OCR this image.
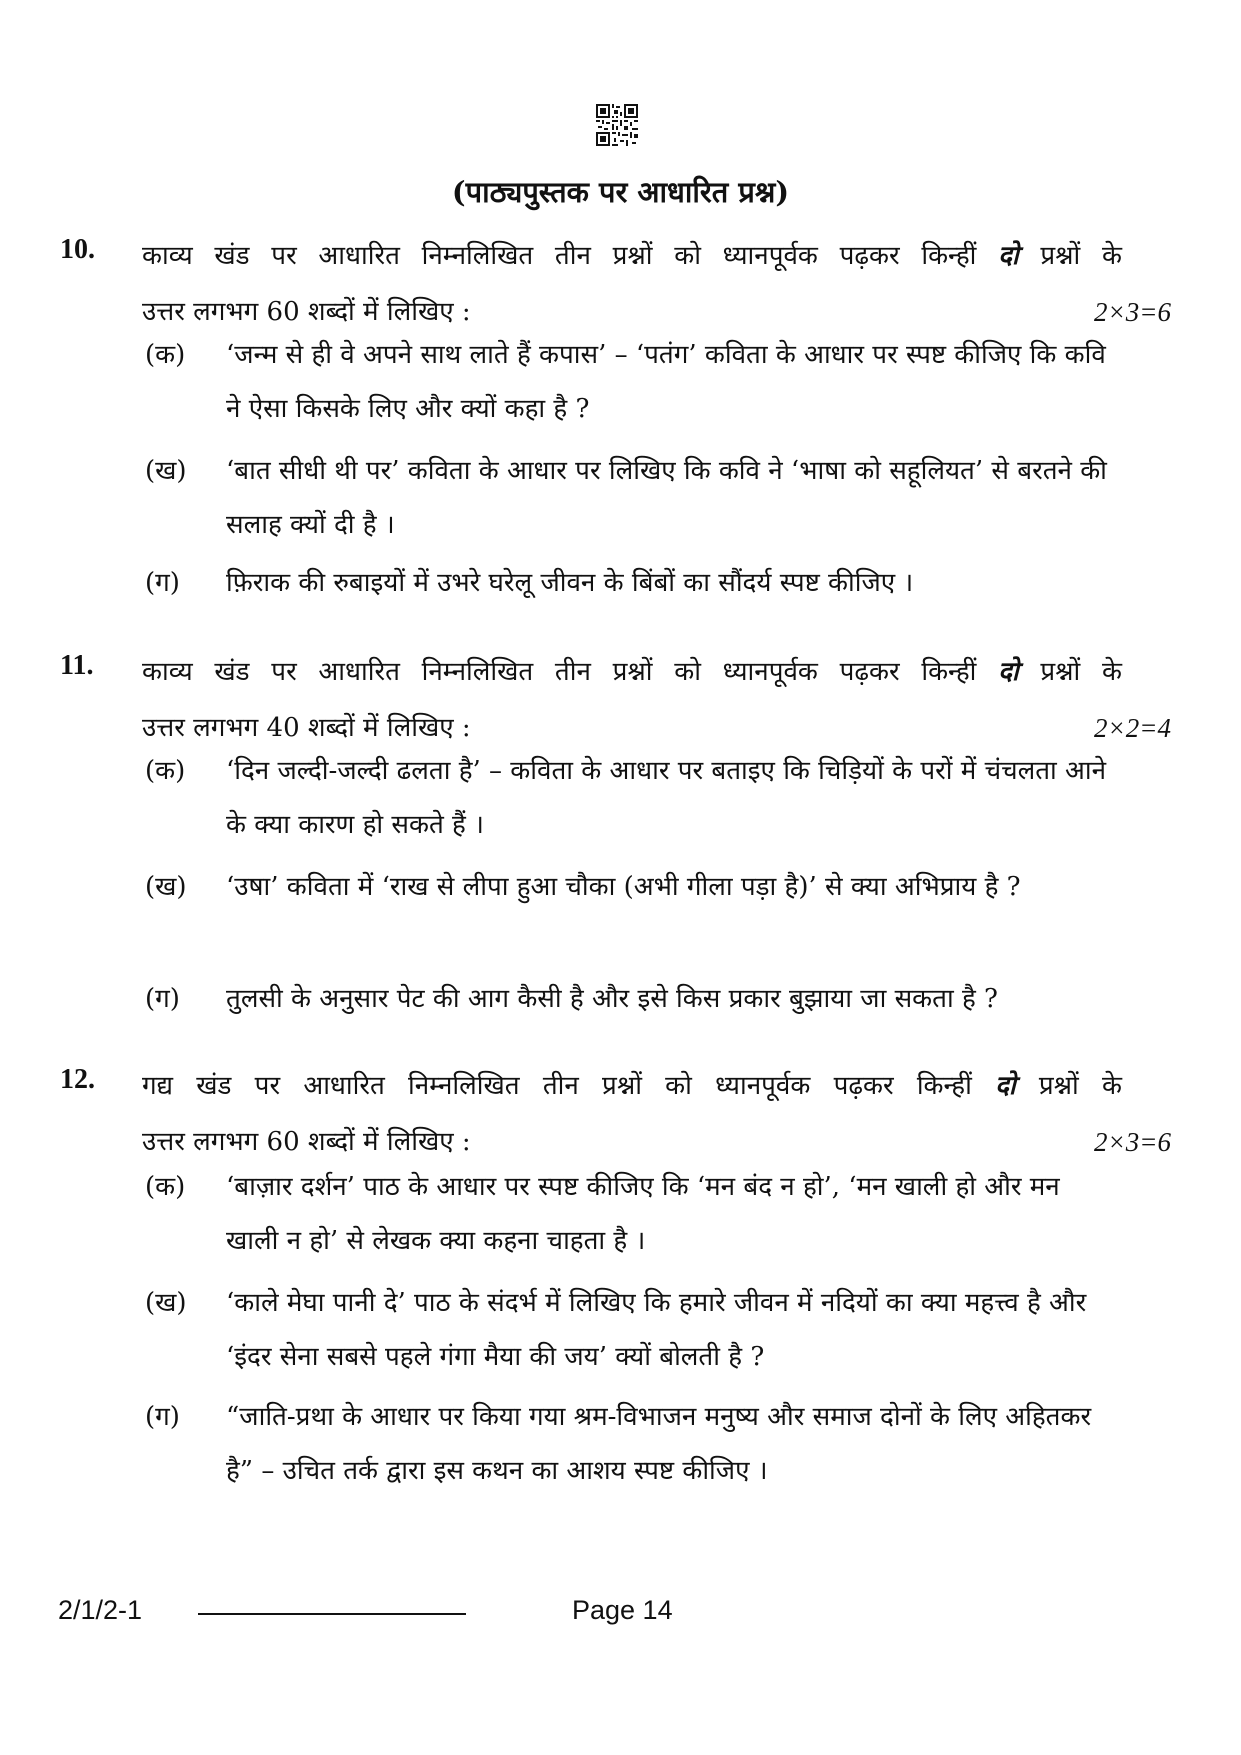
(पाठ्यपुस्तक पर आधारित प्रश्न)
10. काव्य खंड पर आधारित निम्नलिखित तीन प्रश्नों को ध्यानपूर्वक पढ़कर किन्हीं दो प्रश्नों के
उत्तर लगभग 60 शब्दों में लिखिए :	2×3=6
(क) ‘जन्म से ही वे अपने साथ लाते हैं कपास’ – ‘पतंग’ कविता के आधार पर स्पष्ट कीजिए कि कवि ने ऐसा किसके लिए और क्यों कहा है ?
(ख) ‘बात सीधी थी पर’ कविता के आधार पर लिखिए कि कवि ने ‘भाषा को सहूलियत’ से बरतने की सलाह क्यों दी है ।
(ग) फ़िराक की रुबाइयों में उभरे घरेलू जीवन के बिंबों का सौंदर्य स्पष्ट कीजिए ।
11. काव्य खंड पर आधारित निम्नलिखित तीन प्रश्नों को ध्यानपूर्वक पढ़कर किन्हीं दो प्रश्नों के
उत्तर लगभग 40 शब्दों में लिखिए :	2×2=4
(क) ‘दिन जल्दी-जल्दी ढलता है’ – कविता के आधार पर बताइए कि चिड़ियों के परों में चंचलता आने के क्या कारण हो सकते हैं ।
(ख) ‘उषा’ कविता में ‘राख से लीपा हुआ चौका (अभी गीला पड़ा है)’ से क्या अभिप्राय है ?
(ग) तुलसी के अनुसार पेट की आग कैसी है और इसे किस प्रकार बुझाया जा सकता है ?
12. गद्य खंड पर आधारित निम्नलिखित तीन प्रश्नों को ध्यानपूर्वक पढ़कर किन्हीं दो प्रश्नों के
उत्तर लगभग 60 शब्दों में लिखिए :	2×3=6
(क) ‘बाज़ार दर्शन’ पाठ के आधार पर स्पष्ट कीजिए कि ‘मन बंद न हो’, ‘मन खाली हो और मन खाली न हो’ से लेखक क्या कहना चाहता है ।
(ख) ‘काले मेघा पानी दे’ पाठ के संदर्भ में लिखिए कि हमारे जीवन में नदियों का क्या महत्त्व है और ‘इंदर सेना सबसे पहले गंगा मैया की जय’ क्यों बोलती है ?
(ग) “जाति-प्रथा के आधार पर किया गया श्रम-विभाजन मनुष्य और समाज दोनों के लिए अहितकर है” – उचित तर्क द्वारा इस कथन का आशय स्पष्ट कीजिए ।
2/1/2-1	Page 14
